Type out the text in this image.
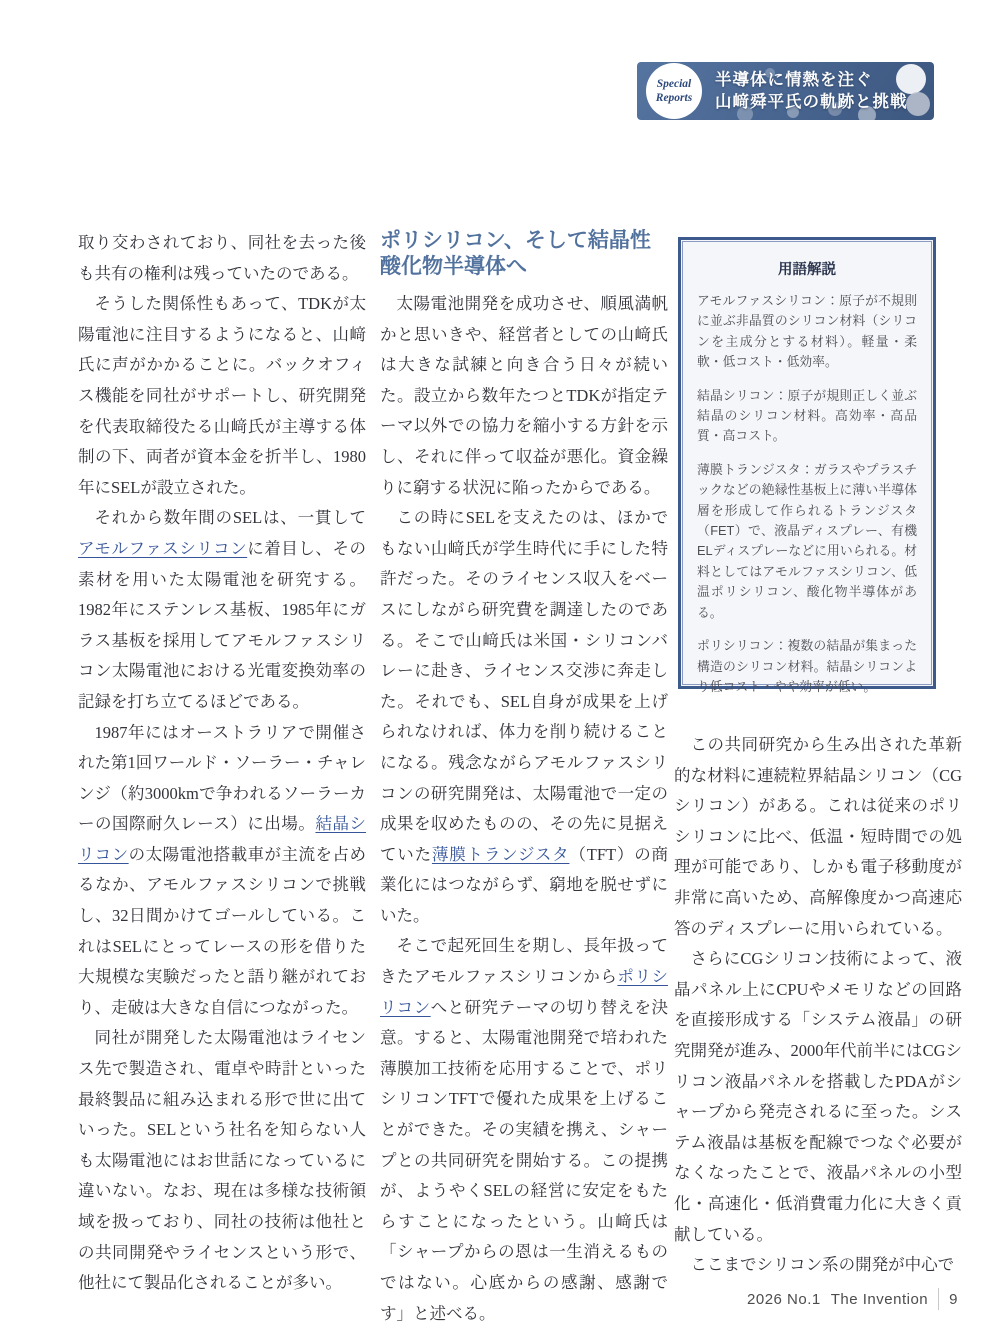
Special
Reports
半導体に情熱を注ぐ
山﨑舜平氏の軌跡と挑戦

取り交わされており、同社を去った後も共有の権利は残っていたのである。

そうした関係性もあって、TDKが太陽電池に注目するようになると、山﨑氏に声がかかることに。バックオフィス機能を同社がサポートし、研究開発を代表取締役たる山﨑氏が主導する体制の下、両者が資本金を折半し、1980年にSELが設立された。

それから数年間のSELは、一貫してアモルファスシリコンに着目し、その素材を用いた太陽電池を研究する。1982年にステンレス基板、1985年にガラス基板を採用してアモルファスシリコン太陽電池における光電変換効率の記録を打ち立てるほどである。

1987年にはオーストラリアで開催された第1回ワールド・ソーラー・チャレンジ（約3000kmで争われるソーラーカーの国際耐久レース）に出場。結晶シリコンの太陽電池搭載車が主流を占めるなか、アモルファスシリコンで挑戦し、32日間かけてゴールしている。これはSELにとってレースの形を借りた大規模な実験だったと語り継がれており、走破は大きな自信につながった。

同社が開発した太陽電池はライセンス先で製造され、電卓や時計といった最終製品に組み込まれる形で世に出ていった。SELという社名を知らない人も太陽電池にはお世話になっているに違いない。なお、現在は多様な技術領域を扱っており、同社の技術は他社との共同開発やライセンスという形で、他社にて製品化されることが多い。

ポリシリコン、そして結晶性酸化物半導体へ

太陽電池開発を成功させ、順風満帆かと思いきや、経営者としての山﨑氏は大きな試練と向き合う日々が続いた。設立から数年たつとTDKが指定テーマ以外での協力を縮小する方針を示し、それに伴って収益が悪化。資金繰りに窮する状況に陥ったからである。

この時にSELを支えたのは、ほかでもない山﨑氏が学生時代に手にした特許だった。そのライセンス収入をベースにしながら研究費を調達したのである。そこで山﨑氏は米国・シリコンバレーに赴き、ライセンス交渉に奔走した。それでも、SEL自身が成果を上げられなければ、体力を削り続けることになる。残念ながらアモルファスシリコンの研究開発は、太陽電池で一定の成果を収めたものの、その先に見据えていた薄膜トランジスタ（TFT）の商業化にはつながらず、窮地を脱せずにいた。

そこで起死回生を期し、長年扱ってきたアモルファスシリコンからポリシリコンへと研究テーマの切り替えを決意。すると、太陽電池開発で培われた薄膜加工技術を応用することで、ポリシリコンTFTで優れた成果を上げることができた。その実績を携え、シャープとの共同研究を開始する。この提携が、ようやくSELの経営に安定をもたらすことになったという。山﨑氏は「シャープからの恩は一生消えるものではない。心底からの感謝、感謝です」と述べる。

用語解説

アモルファスシリコン：原子が不規則に並ぶ非晶質のシリコン材料（シリコンを主成分とする材料）。軽量・柔軟・低コスト・低効率。

結晶シリコン：原子が規則正しく並ぶ結晶のシリコン材料。高効率・高品質・高コスト。

薄膜トランジスタ：ガラスやプラスチックなどの絶縁性基板上に薄い半導体層を形成して作られるトランジスタ（FET）で、液晶ディスプレー、有機ELディスプレーなどに用いられる。材料としてはアモルファスシリコン、低温ポリシリコン、酸化物半導体がある。

ポリシリコン：複数の結晶が集まった構造のシリコン材料。結晶シリコンより低コスト・やや効率が低い。

この共同研究から生み出された革新的な材料に連続粒界結晶シリコン（CGシリコン）がある。これは従来のポリシリコンに比べ、低温・短時間での処理が可能であり、しかも電子移動度が非常に高いため、高解像度かつ高速応答のディスプレーに用いられている。

さらにCGシリコン技術によって、液晶パネル上にCPUやメモリなどの回路を直接形成する「システム液晶」の研究開発が進み、2000年代前半にはCGシリコン液晶パネルを搭載したPDAがシャープから発売されるに至った。システム液晶は基板を配線でつなぐ必要がなくなったことで、液晶パネルの小型化・高速化・低消費電力化に大きく貢献している。

ここまでシリコン系の開発が中心で

2026 No.1 The Invention 9
